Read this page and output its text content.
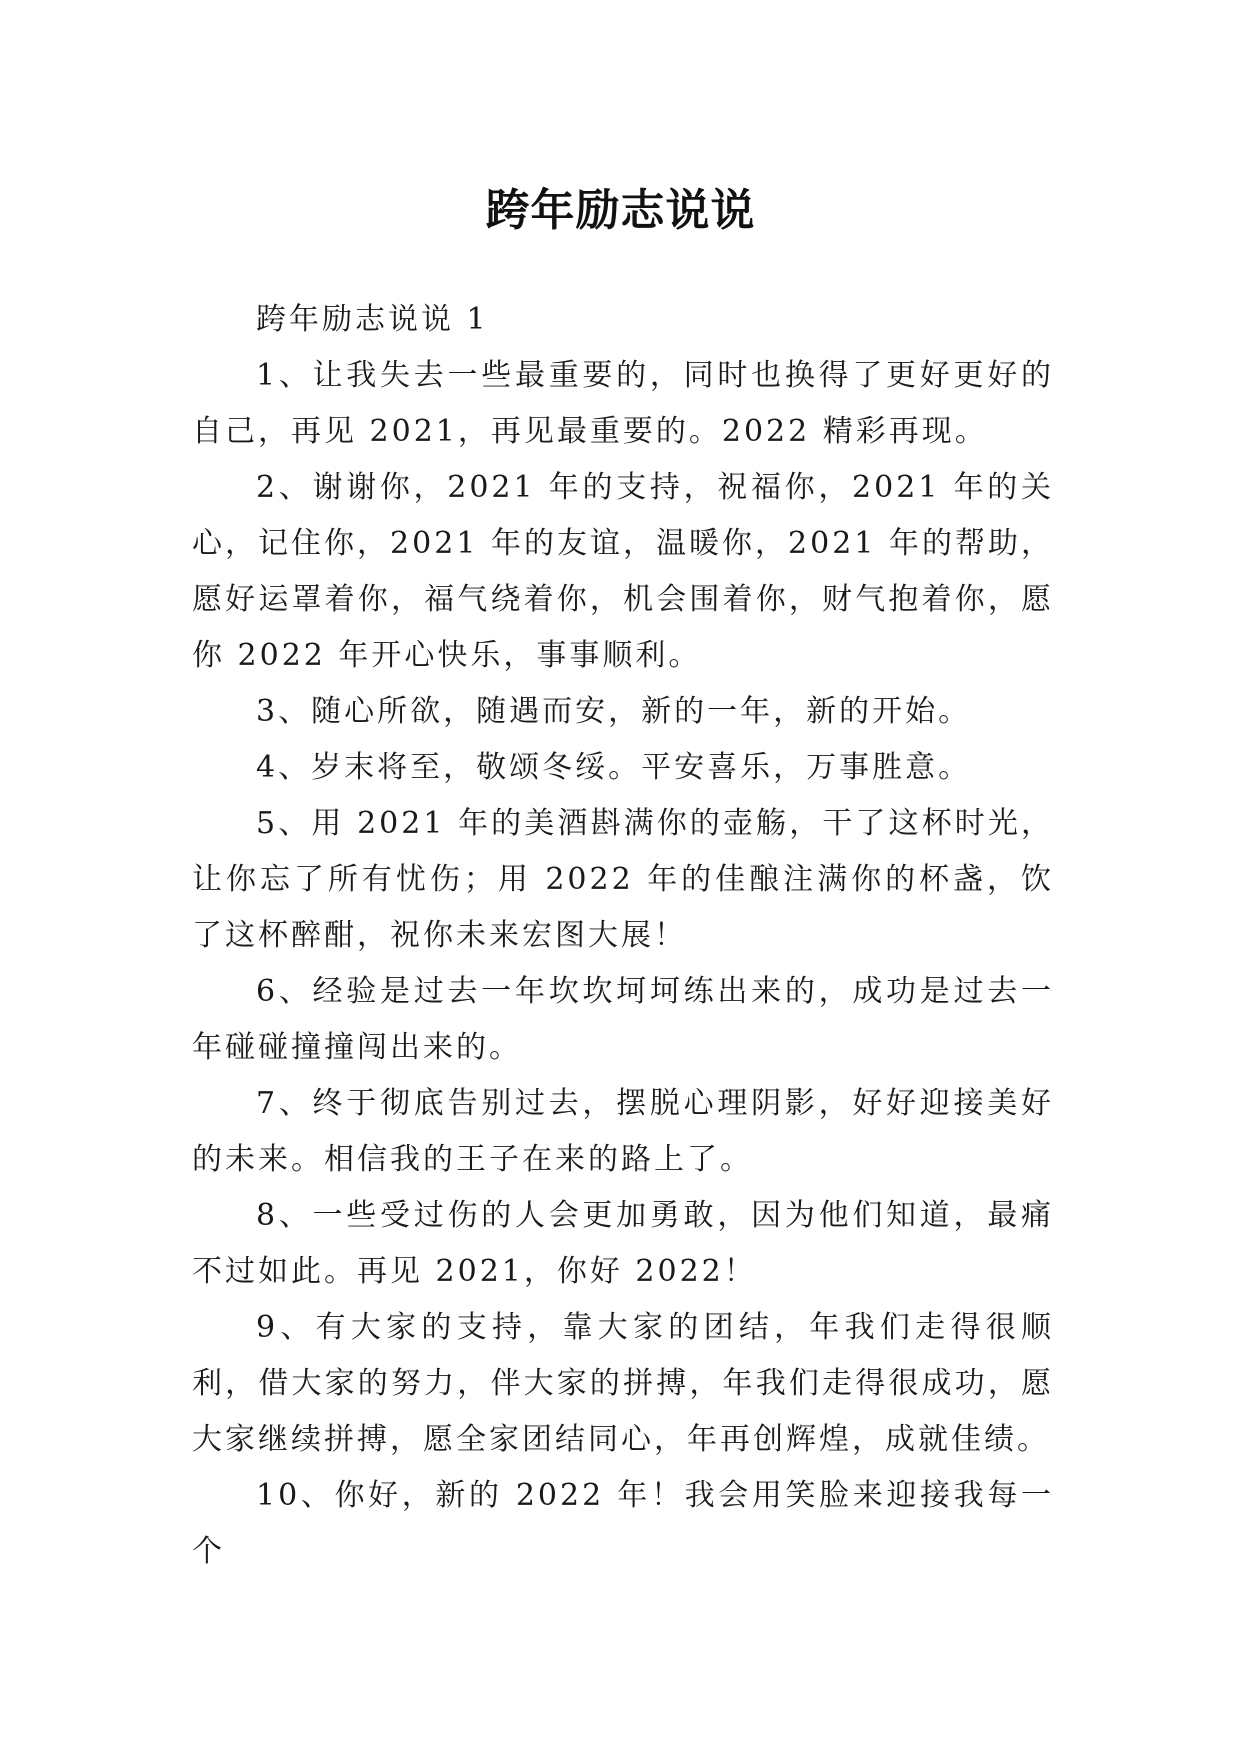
跨年励志说说

跨年励志说说 1

1、让我失去一些最重要的，同时也换得了更好更好的自己，再见 2021，再见最重要的。2022 精彩再现。

2、谢谢你，2021 年的支持，祝福你，2021 年的关心，记住你，2021 年的友谊，温暖你，2021 年的帮助，愿好运罩着你，福气绕着你，机会围着你，财气抱着你，愿你 2022 年开心快乐，事事顺利。

3、随心所欲，随遇而安，新的一年，新的开始。

4、岁末将至，敬颂冬绥。平安喜乐，万事胜意。

5、用 2021 年的美酒斟满你的壶觞，干了这杯时光，让你忘了所有忧伤；用 2022 年的佳酿注满你的杯盏，饮了这杯醉酣，祝你未来宏图大展！

6、经验是过去一年坎坎坷坷练出来的，成功是过去一年碰碰撞撞闯出来的。

7、终于彻底告别过去，摆脱心理阴影，好好迎接美好的未来。相信我的王子在来的路上了。

8、一些受过伤的人会更加勇敢，因为他们知道，最痛不过如此。再见 2021，你好 2022！

9、有大家的支持，靠大家的团结，年我们走得很顺利，借大家的努力，伴大家的拼搏，年我们走得很成功，愿大家继续拼搏，愿全家团结同心，年再创辉煌，成就佳绩。

10、你好，新的 2022 年！我会用笑脸来迎接我每一个
